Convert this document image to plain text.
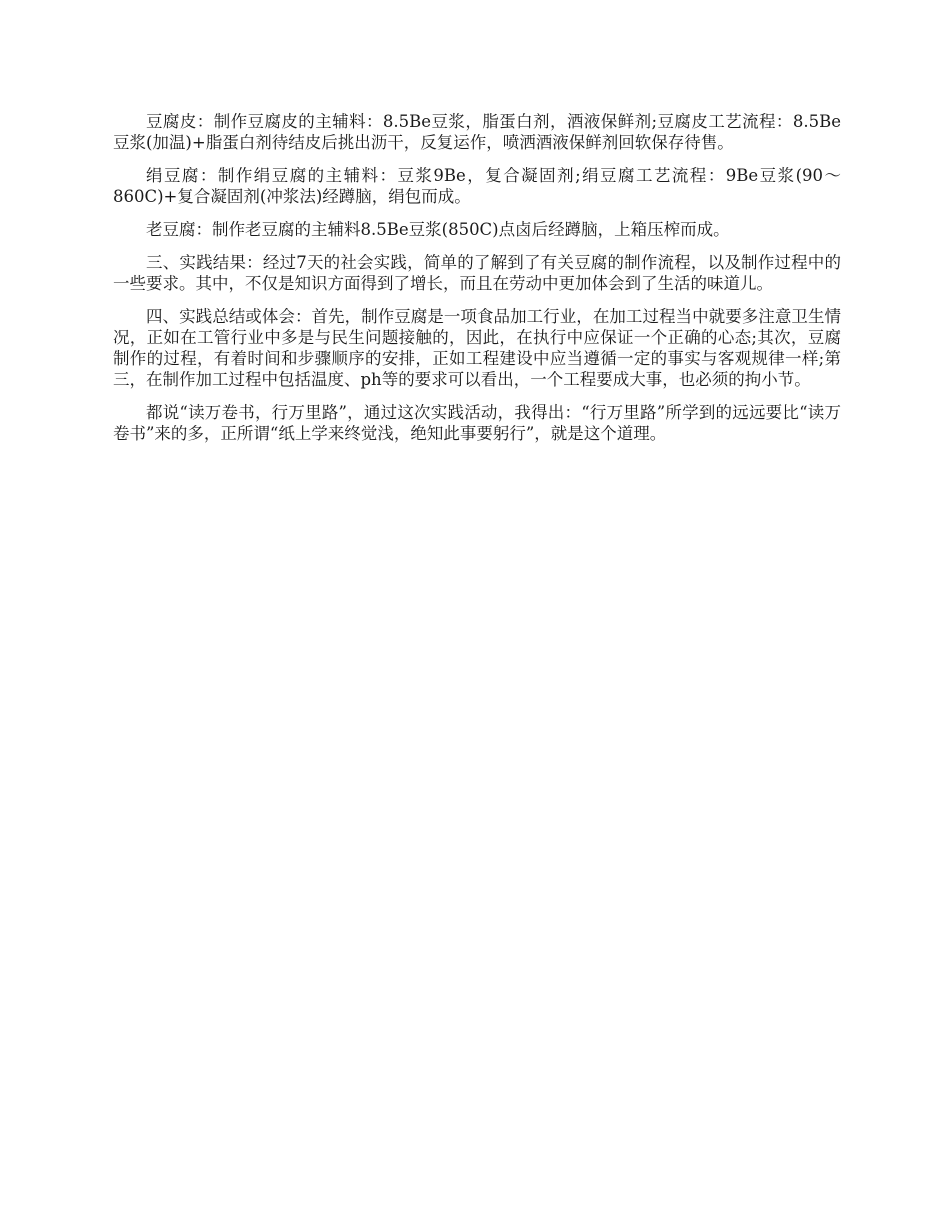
豆腐皮：制作豆腐皮的主辅料：8.5Be豆浆，脂蛋白剂，酒液保鲜剂;豆腐皮工艺流程：8.5Be豆浆(加温)+脂蛋白剂待结皮后挑出沥干，反复运作，喷洒酒液保鲜剂回软保存待售。

绢豆腐：制作绢豆腐的主辅料：豆浆9Be，复合凝固剂;绢豆腐工艺流程：9Be豆浆(90～860C)+复合凝固剂(冲浆法)经蹲脑，绢包而成。

老豆腐：制作老豆腐的主辅料8.5Be豆浆(850C)点卤后经蹲脑，上箱压榨而成。

三、实践结果：经过7天的社会实践，简单的了解到了有关豆腐的制作流程，以及制作过程中的一些要求。其中，不仅是知识方面得到了增长，而且在劳动中更加体会到了生活的味道儿。

四、实践总结或体会：首先，制作豆腐是一项食品加工行业，在加工过程当中就要多注意卫生情况，正如在工管行业中多是与民生问题接触的，因此，在执行中应保证一个正确的心态;其次，豆腐制作的过程，有着时间和步骤顺序的安排，正如工程建设中应当遵循一定的事实与客观规律一样;第三，在制作加工过程中包括温度、ph等的要求可以看出，一个工程要成大事，也必须的拘小节。

都说“读万卷书，行万里路”，通过这次实践活动，我得出：“行万里路”所学到的远远要比“读万卷书”来的多，正所谓“纸上学来终觉浅，绝知此事要躬行”，就是这个道理。
